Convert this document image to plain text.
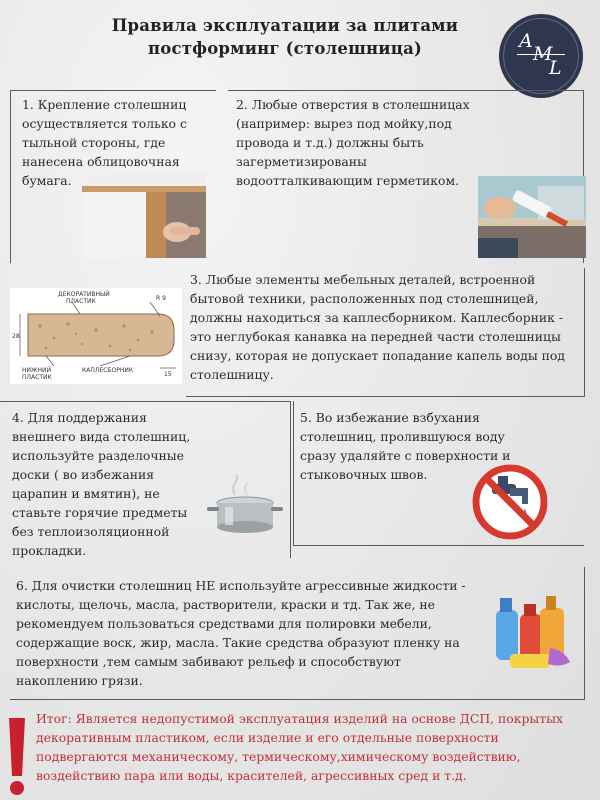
Правила эксплуатации за плитами
постформинг (столешница)	A
M
L
1. Крепление столешниц осуществляется только с тыльной стороны, где нанесена облицовочная бумага.
2. Любые отверстия в столешницах (например: вырез под мойку,под провода и т.д.) должны быть загерметизированы водоотталкивающим герметиком.
ДЕКОРАТИВНЫЙ
ПЛАСТИК	R 9
28
НИЖНИЙ
ПЛАСТИК
КАПЛЕСБОРНИК
15
3. Любые элементы мебельных деталей, встроенной бытовой техники, расположенных под столешницей, должны находиться за каплесборником. Каплесборник - это неглубокая канавка на передней части столешницы снизу, которая не допускает попадание капель воды под столешницу.
4. Для поддержания внешнего вида столешниц, используйте разделочные доски ( во избежания царапин и вмятин), не ставьте горячие предметы без теплоизоляционной прокладки.
5. Во избежание взбухания столешниц, пролившуюся воду сразу удаляйте с поверхности и стыковочных швов.
6. Для очистки столешниц НЕ используйте агрессивные жидкости - кислоты, щелочь, масла, растворители, краски и тд. Так же, не рекомендуем пользоваться средствами для полировки мебели, содержащие воск, жир, масла. Такие средства образуют пленку на поверхности ,тем самым забивают рельеф и способствуют накоплению грязи.
Итог: Является недопустимой эксплуатация изделий на основе ДСП, покрытых декоративным пластиком, если изделие и его отдельные поверхности подвергаются механическому, термическому,химическому воздействию, воздействию пара или воды, красителей, агрессивных сред и т.д.
